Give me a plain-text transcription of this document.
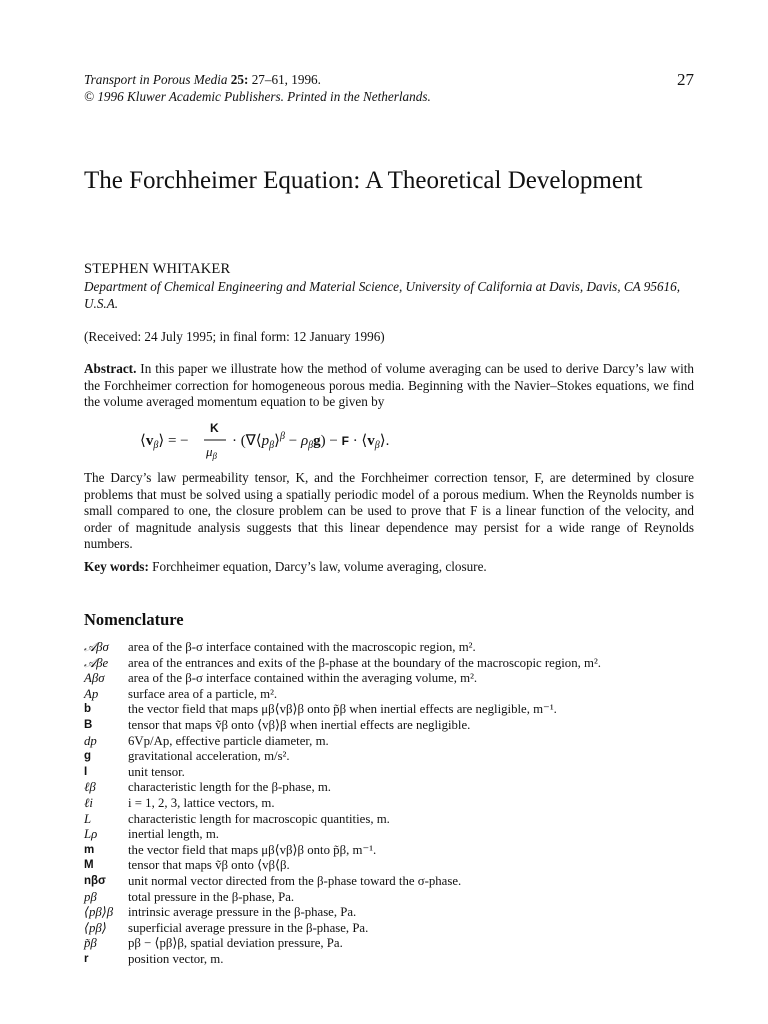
Transport in Porous Media 25: 27–61, 1996.
© 1996 Kluwer Academic Publishers. Printed in the Netherlands.
27
The Forchheimer Equation: A Theoretical Development
STEPHEN WHITAKER
Department of Chemical Engineering and Material Science, University of California at Davis, Davis, CA 95616, U.S.A.
(Received: 24 July 1995; in final form: 12 January 1996)
Abstract. In this paper we illustrate how the method of volume averaging can be used to derive Darcy’s law with the Forchheimer correction for homogeneous porous media. Beginning with the Navier–Stokes equations, we find the volume averaged momentum equation to be given by
$⟨v_\beta⟩$ = −
K
$\mu_\beta$
· $(\nabla⟨p_\beta⟩^\beta - \rho_\beta g) - F$ · $⟨v_\beta⟩$.
The Darcy’s law permeability tensor, K, and the Forchheimer correction tensor, F, are determined by closure problems that must be solved using a spatially periodic model of a porous medium. When the Reynolds number is small compared to one, the closure problem can be used to prove that F is a linear function of the velocity, and order of magnitude analysis suggests that this linear dependence may persist for a wide range of Reynolds numbers.
Key words: Forchheimer equation, Darcy’s law, volume averaging, closure.
Nomenclature
𝒜βσ	area of the β-σ interface contained with the macroscopic region, m².
𝒜βe	area of the entrances and exits of the β-phase at the boundary of the macroscopic region, m².
Aβσ	area of the β-σ interface contained within the averaging volume, m².
Ap	surface area of a particle, m².
b	the vector field that maps μβ⟨vβ⟩β onto p̃β when inertial effects are negligible, m⁻¹.
B	tensor that maps ṽβ onto ⟨vβ⟩β when inertial effects are negligible.
dp	6Vp/Ap, effective particle diameter, m.
g	gravitational acceleration, m/s².
I	unit tensor.
ℓβ	characteristic length for the β-phase, m.
ℓi	i = 1, 2, 3, lattice vectors, m.
L	characteristic length for macroscopic quantities, m.
Lρ	inertial length, m.
m	the vector field that maps μβ⟨vβ⟩β onto p̃β, m⁻¹.
M	tensor that maps ṽβ onto ⟨vβ⟨β.
nβσ	unit normal vector directed from the β-phase toward the σ-phase.
pβ	total pressure in the β-phase, Pa.
⟨pβ⟩β	intrinsic average pressure in the β-phase, Pa.
⟨pβ⟩	superficial average pressure in the β-phase, Pa.
p̃β	pβ − ⟨pβ⟩β, spatial deviation pressure, Pa.
r	position vector, m.
